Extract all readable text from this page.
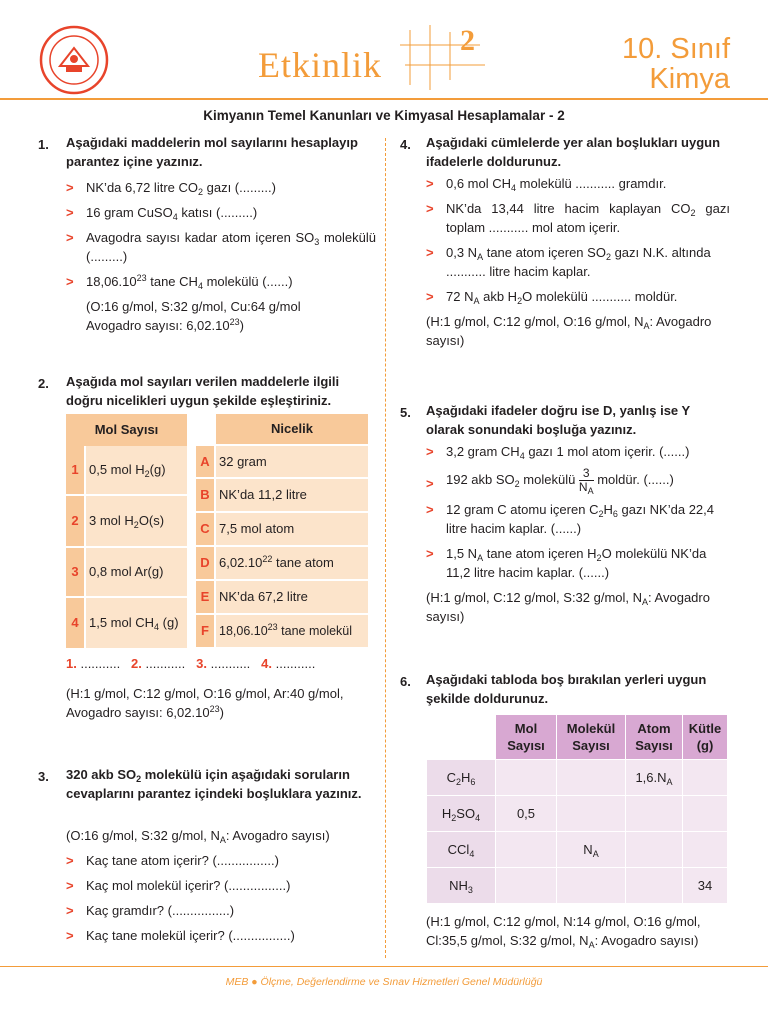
Etkinlik
2	10. Sınıf
Kimya
Kimyanın Temel Kanunları ve Kimyasal Hesaplamalar - 2
1. Aşağıdaki maddelerin mol sayılarını hesaplayıp parantez içine yazınız.
> NK’da 6,72 litre $CO_2$ gazı (.........)
> 16 gram CuSO$_4$ katısı (.........)
> Avagodra sayısı kadar atom içeren $SO_3$ molekülü (.........)
> $18,06.10^{23}$ tane $CH_4$ molekülü (......)
(O:16 g/mol, S:32 g/mol, Cu:64 g/mol
Avogadro sayısı: 6,02.10$^{23}$)
2. Aşağıda mol sayıları verilen maddelerle ilgili doğru nicelikleri uygun şekilde eşleştiriniz.
Mol Sayısı
1 0,5 mol $H_2(g)$
2 3 mol $H_2O(s)$
3 0,8 mol Ar(g)
4 1,5 mol $CH_4$ (g)
Nicelik
A 32 gram
B NK’da 11,2 litre
C 7,5 mol atom
D 6,02.10$^{22}$ tane atom
E NK’da 67,2 litre
F 18,06.10$^{23}$ tane molekül
1. ........... 2. ........... 3. ........... 4. ...........
(H:1 g/mol, C:12 g/mol, O:16 g/mol, Ar:40 g/mol, Avogadro sayısı: 6,02.10$^{23}$)
3. 320 akb $SO_2$ molekülü için aşağıdaki soruların cevaplarını parantez içindeki boşluklara yazınız.
(O:16 g/mol, S:32 g/mol, $N_A$: Avogadro sayısı)
> Kaç tane atom içerir? (................)
> Kaç mol molekül içerir? (................)
> Kaç gramdır? (................)
> Kaç tane molekül içerir? (................)
4. Aşağıdaki cümlelerde yer alan boşlukları uygun ifadelerle doldurunuz.
> 0,6 mol $CH_4$ molekülü ........... gramdır.
> NK’da 13,44 litre hacim kaplayan $CO_2$ gazı toplam ........... mol atom içerir.
> 0,3 $N_A$ tane atom içeren $SO_2$ gazı N.K. altında ........... litre hacim kaplar.
> 72 $N_A$ akb $H_2O$ molekülü ........... moldür.
(H:1 g/mol, C:12 g/mol, O:16 g/mol, $N_A$: Avogadro sayısı)
5. Aşağıdaki ifadeler doğru ise D, yanlış ise Y olarak sonundaki boşluğa yazınız.
> 3,2 gram $CH_4$ gazı 1 mol atom içerir. (......)
> 192 akb $SO_2$ molekülü $\frac{3}{N_A}$ moldür. (......)
> 12 gram C atomu içeren $C_2H_6$ gazı NK’da 22,4 litre hacim kaplar. (......)
> 1,5 $N_A$ tane atom içeren $H_2O$ molekülü NK’da 11,2 litre hacim kaplar. (......)
(H:1 g/mol, C:12 g/mol, S:32 g/mol, $N_A$: Avogadro sayısı)
6. Aşağıdaki tabloda boş bırakılan yerleri uygun şekilde doldurunuz.
	Mol Sayısı	Molekül Sayısı	Atom Sayısı	Kütle (g)
$C_2H_6$			$1,6.N_A$	
$H_2SO_4$	0,5			
CCl$_4$		$N_A$		
$NH_3$				34
(H:1 g/mol, C:12 g/mol, N:14 g/mol, O:16 g/mol, Cl:35,5 g/mol, S:32 g/mol, $N_A$: Avogadro sayısı)
MEB ● Ölçme, Değerlendirme ve Sınav Hizmetleri Genel Müdürlüğü
